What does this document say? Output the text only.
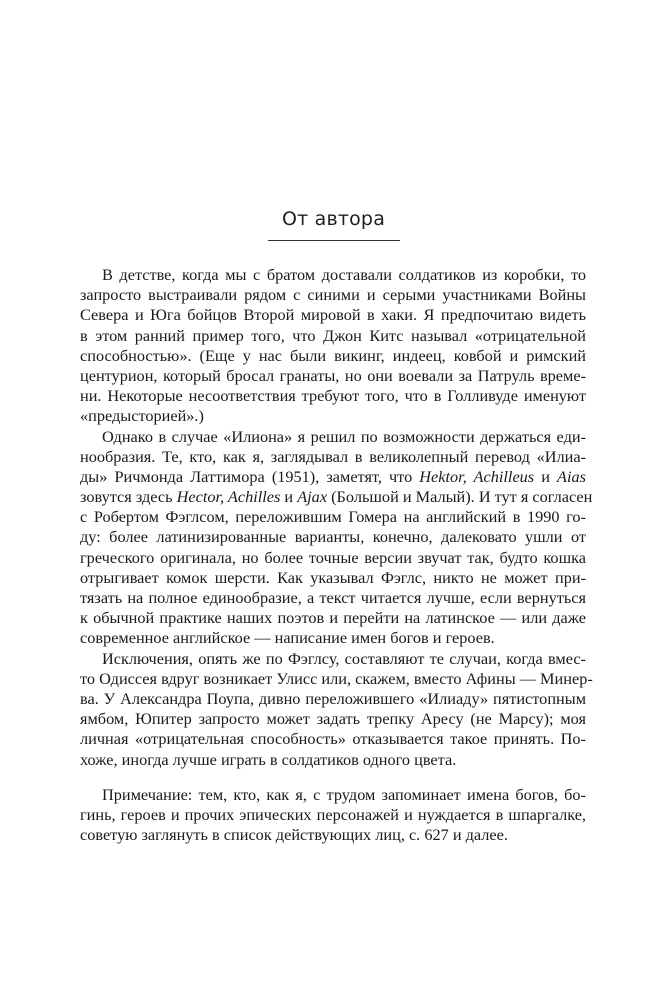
От автора
В детстве, когда мы с братом доставали солдатиков из коробки, то
запросто выстраивали рядом с синими и серыми участниками Войны
Севера и Юга бойцов Второй мировой в хаки. Я предпочитаю видеть
в этом ранний пример того, что Джон Китс называл «отрицательной
способностью». (Еще у нас были викинг, индеец, ковбой и римский
центурион, который бросал гранаты, но они воевали за Патруль време-
ни. Некоторые несоответствия требуют того, что в Голливуде именуют
«предысторией».)
Однако в случае «Илиона» я решил по возможности держаться еди-
нообразия. Те, кто, как я, заглядывал в великолепный перевод «Илиа-
ды» Ричмонда Латтимора (1951), заметят, что Hektor, Achilleus и Aias
зовутся здесь Hector, Achilles и Ajax (Большой и Малый). И тут я согласен
с Робертом Фэглсом, переложившим Гомера на английский в 1990 го-
ду: более латинизированные варианты, конечно, далековато ушли от
греческого оригинала, но более точные версии звучат так, будто кошка
отрыгивает комок шерсти. Как указывал Фэглс, никто не может при-
тязать на полное единообразие, а текст читается лучше, если вернуться
к обычной практике наших поэтов и перейти на латинское — или даже
современное английское — написание имен богов и героев.
Исключения, опять же по Фэглсу, составляют те случаи, когда вмес-
то Одиссея вдруг возникает Улисс или, скажем, вместо Афины — Минер-
ва. У Александра Поупа, дивно переложившего «Илиаду» пятистопным
ямбом, Юпитер запросто может задать трепку Аресу (не Марсу); моя
личная «отрицательная способность» отказывается такое принять. По-
хоже, иногда лучше играть в солдатиков одного цвета.
Примечание: тем, кто, как я, с трудом запоминает имена богов, бо-
гинь, героев и прочих эпических персонажей и нуждается в шпаргалке,
советую заглянуть в список действующих лиц, с. 627 и далее.
